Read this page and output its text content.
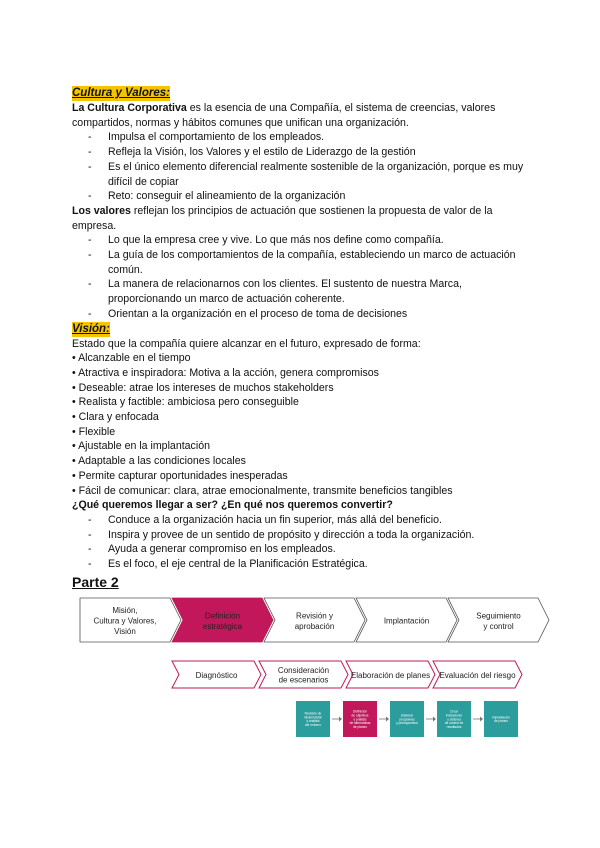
Cultura y Valores:

La Cultura Corporativa es la esencia de una Compañía, el sistema de creencias, valores compartidos, normas y hábitos comunes que unifican una organización.

- Impulsa el comportamiento de los empleados.
- Refleja la Visión, los Valores y el estilo de Liderazgo de la gestión
- Es el único elemento diferencial realmente sostenible de la organización, porque es muy difícil de copiar
- Reto: conseguir el alineamiento de la organización

Los valores reflejan los principios de actuación que sostienen la propuesta de valor de la empresa.

- Lo que la empresa cree y vive. Lo que más nos define como compañía.
- La guía de los comportamientos de la compañía, estableciendo un marco de actuación común.
- La manera de relacionarnos con los clientes. El sustento de nuestra Marca, proporcionando un marco de actuación coherente.
- Orientan a la organización en el proceso de toma de decisiones
Visión:

Estado que la compañía quiere alcanzar en el futuro, expresado de forma:

• Alcanzable en el tiempo
• Atractiva e inspiradora: Motiva a la acción, genera compromisos
• Deseable: atrae los intereses de muchos stakeholders
• Realista y factible: ambiciosa pero conseguible
• Clara y enfocada
• Flexible
• Ajustable en la implantación
• Adaptable a las condiciones locales
• Permite capturar oportunidades inesperadas
• Fácil de comunicar: clara, atrae emocionalmente, transmite beneficios tangibles

¿Qué queremos llegar a ser? ¿En qué nos queremos convertir?

- Conduce a la organización hacia un fin superior, más allá del beneficio.
- Inspira y provee de un sentido de propósito y dirección a toda la organización.
- Ayuda a generar compromiso en los empleados.
- Es el foco, el eje central de la Planificación Estratégica.
Parte 2
Misión, Cultura y Valores, Visión
Definición estratégica
Revisión y aprobación
Implantación
Seguimiento y control
Diagnóstico
Consideración de escenarios
Elaboración de planes Evaluación del riesgo
Revisión de misión/visión y análisis del entorno
Definición de objetivos y análisis de alternativas de planes
Elaborar programas y presupuestos
Crear indicadores y sistema de control de resultados
Implantación de planes
